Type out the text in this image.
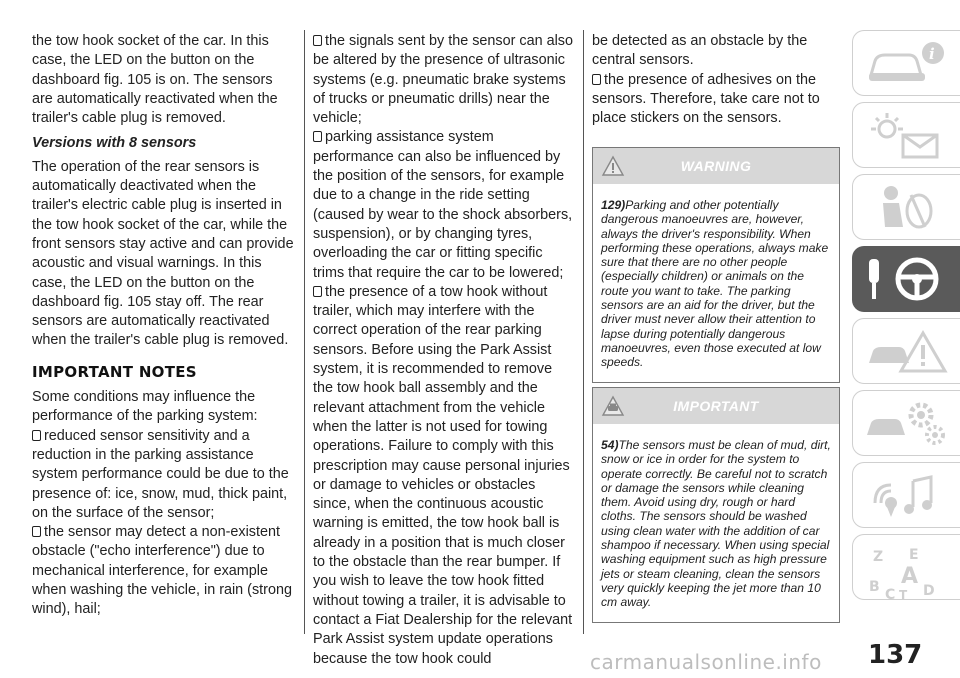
the tow hook socket of the car. In this case, the LED on the button on the dashboard fig. 105 is on. The sensors are automatically reactivated when the trailer's cable plug is removed.

Versions with 8 sensors

The operation of the rear sensors is automatically deactivated when the trailer's electric cable plug is inserted in the tow hook socket of the car, while the front sensors stay active and can provide acoustic and visual warnings. In this case, the LED on the button on the dashboard fig. 105 stay off. The rear sensors are automatically reactivated when the trailer's cable plug is removed.

IMPORTANT NOTES

Some conditions may influence the performance of the parking system:

reduced sensor sensitivity and a reduction in the parking assistance system performance could be due to the presence of: ice, snow, mud, thick paint, on the surface of the sensor;

the sensor may detect a non-existent obstacle ("echo interference") due to mechanical interference, for example when washing the vehicle, in rain (strong wind), hail;

the signals sent by the sensor can also be altered by the presence of ultrasonic systems (e.g. pneumatic brake systems of trucks or pneumatic drills) near the vehicle;

parking assistance system performance can also be influenced by the position of the sensors, for example due to a change in the ride setting (caused by wear to the shock absorbers, suspension), or by changing tyres, overloading the car or fitting specific trims that require the car to be lowered;

the presence of a tow hook without trailer, which may interfere with the correct operation of the rear parking sensors. Before using the Park Assist system, it is recommended to remove the tow hook ball assembly and the relevant attachment from the vehicle when the latter is not used for towing operations. Failure to comply with this prescription may cause personal injuries or damage to vehicles or obstacles since, when the continuous acoustic warning is emitted, the tow hook ball is already in a position that is much closer to the obstacle than the rear bumper. If you wish to leave the tow hook fitted without towing a trailer, it is advisable to contact a Fiat Dealership for the relevant Park Assist system update operations because the tow hook could

be detected as an obstacle by the central sensors.

the presence of adhesives on the sensors. Therefore, take care not to place stickers on the sensors.

WARNING
129)Parking and other potentially dangerous manoeuvres are, however, always the driver's responsibility. When performing these operations, always make sure that there are no other people (especially children) or animals on the route you want to take. The parking sensors are an aid for the driver, but the driver must never allow their attention to lapse during potentially dangerous manoeuvres, even those executed at low speeds.
IMPORTANT
54)The sensors must be clean of mud, dirt, snow or ice in order for the system to operate correctly. Be careful not to scratch or damage the sensors while cleaning them. Avoid using dry, rough or hard cloths. The sensors should be washed using clean water with the addition of car shampoo if necessary. When using special washing equipment such as high pressure jets or steam cleaning, clean the sensors very quickly keeping the jet more than 10 cm away.
i
Z E
B A
C T D
137
carmanualsonline.info
